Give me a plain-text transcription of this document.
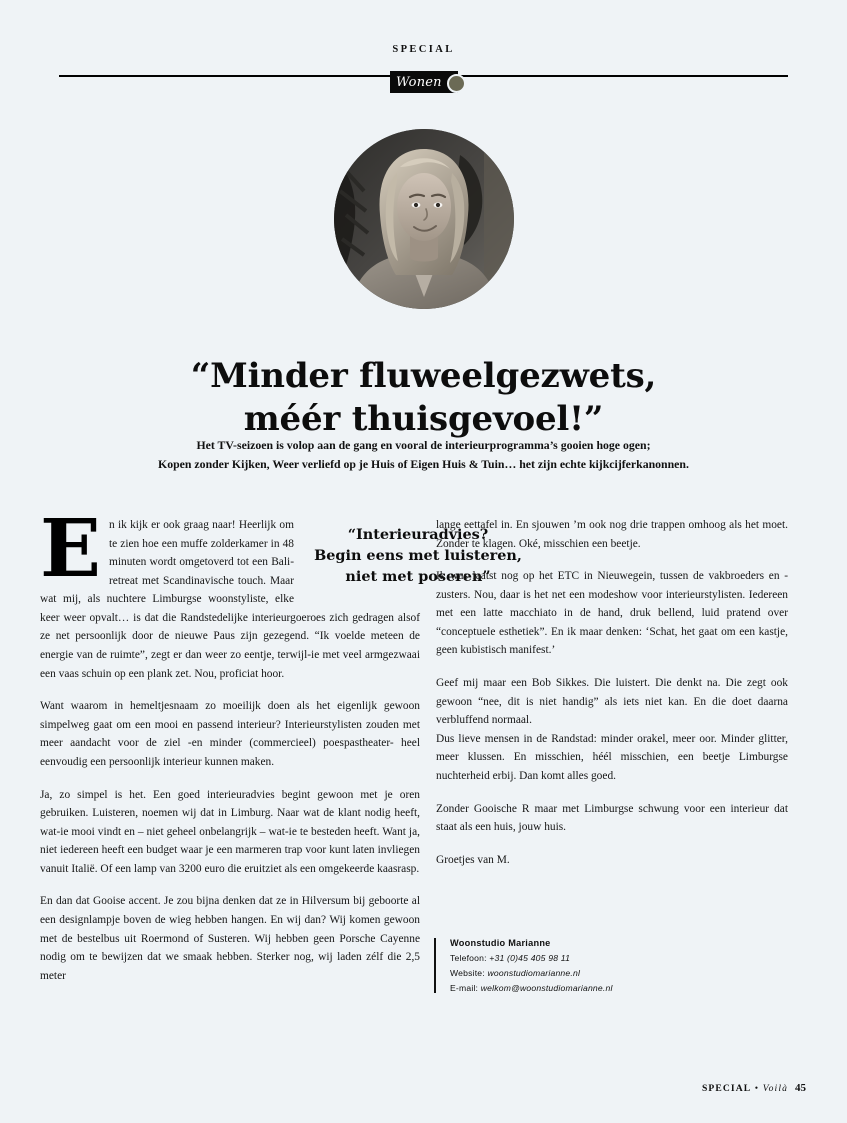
SPECIAL
Wonen
“Minder fluweelgezwets,
méér thuisgevoel!”
Het TV-seizoen is volop aan de gang en vooral de interieurprogramma’s gooien hoge ogen;
Kopen zonder Kijken, Weer verliefd op je Huis of Eigen Huis & Tuin… het zijn echte kijkcijferkanonnen.

En ik kijk er ook graag naar! Heerlijk om te zien hoe een muffe zolderkamer in 48 minuten wordt omgetoverd tot een Bali-retreat met Scandinavische touch. Maar wat mij, als nuchtere Limburgse woonstyliste, elke keer weer opvalt… is dat die Randstedelijke interieurgoeroes zich gedragen alsof ze net persoonlijk door de nieuwe Paus zijn gezegend. “Ik voelde meteen de energie van de ruimte”, zegt er dan weer zo eentje, terwijl-ie met veel armgezwaai een vaas schuin op een plank zet. Nou, proficiat hoor.

Want waarom in hemeltjesnaam zo moeilijk doen als het eigenlijk gewoon simpelweg gaat om een mooi en passend interieur? Interieurstylisten zouden met meer aandacht voor de ziel -en minder (commercieel) poespastheater- heel eenvoudig een persoonlijk interieur kunnen maken.

Ja, zo simpel is het. Een goed interieuradvies begint gewoon met je oren gebruiken. Luisteren, noemen wij dat in Limburg. Naar wat de klant nodig heeft, wat-ie mooi vindt en – niet geheel onbelangrijk – wat-ie te besteden heeft. Want ja, niet iedereen heeft een budget waar je een marmeren trap voor kunt laten invliegen vanuit Italië. Of een lamp van 3200 euro die eruitziet als een omgekeerde kaasrasp.

En dan dat Gooise accent. Je zou bijna denken dat ze in Hilversum bij geboorte al een designlampje boven de wieg hebben hangen. En wij dan? Wij komen gewoon met de bestelbus uit Roermond of Susteren. Wij hebben geen Porsche Cayenne nodig om te bewijzen dat we smaak hebben. Sterker nog, wij laden zélf die 2,5 meter

“Interieuradvies?
Begin eens met luisteren,
niet met poseren”

lange eettafel in. En sjouwen ’m ook nog drie trappen omhoog als het moet. Zonder te klagen. Oké, misschien een beetje.

Ik was laatst nog op het ETC in Nieuwegein, tussen de vakbroeders en -zusters. Nou, daar is het net een modeshow voor interieurstylisten. Iedereen met een latte macchiato in de hand, druk bellend, luid pratend over “conceptuele esthetiek”. En ik maar denken: ‘Schat, het gaat om een kastje, geen kubistisch manifest.’

Geef mij maar een Bob Sikkes. Die luistert. Die denkt na. Die zegt ook gewoon “nee, dit is niet handig” als iets niet kan. En die doet daarna verbluffend normaal.
Dus lieve mensen in de Randstad: minder orakel, meer oor. Minder glitter, meer klussen. En misschien, héél misschien, een beetje Limburgse nuchterheid erbij. Dan komt alles goed.

Zonder Gooische R maar met Limburgse schwung voor een interieur dat staat als een huis, jouw huis.

Groetjes van M.

Woonstudio Marianne
Telefoon: +31 (0)45 405 98 11
Website: woonstudiomarianne.nl
E-mail: welkom@woonstudiomarianne.nl
SPECIAL • Voilà 45
